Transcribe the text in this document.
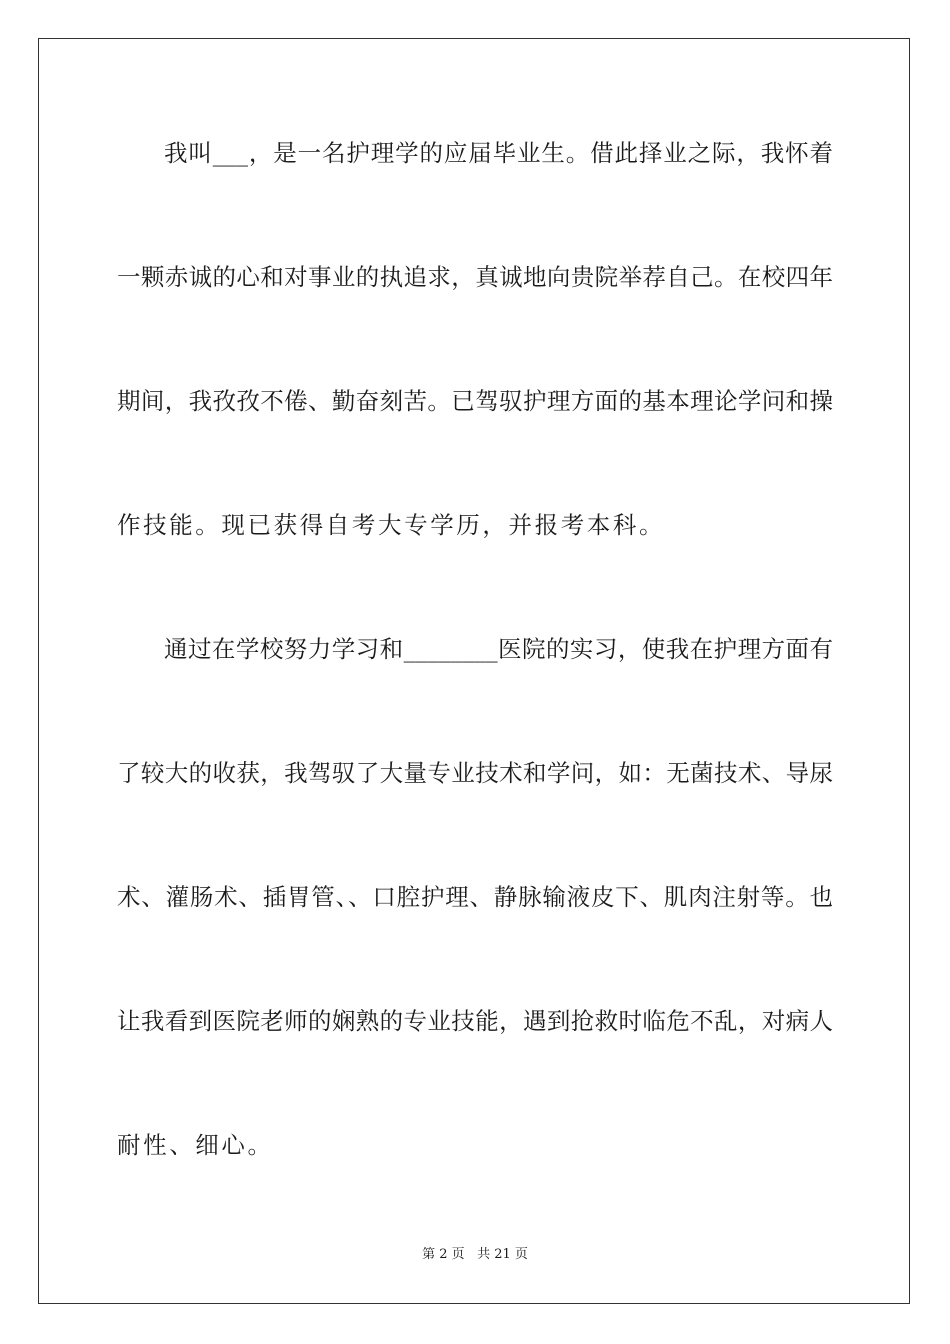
我叫___，是一名护理学的应届毕业生。借此择业之际，我怀着
一颗赤诚的心和对事业的执追求，真诚地向贵院举荐自己。在校四年
期间，我孜孜不倦、勤奋刻苦。已驾驭护理方面的基本理论学问和操
作技能。现已获得自考大专学历，并报考本科。
通过在学校努力学习和________医院的实习，使我在护理方面有
了较大的收获，我驾驭了大量专业技术和学问，如：无菌技术、导尿
术、灌肠术、插胃管、、口腔护理、静脉输液皮下、肌肉注射等。也
让我看到医院老师的娴熟的专业技能，遇到抢救时临危不乱，对病人
耐性、细心。
第 2 页 共 21 页
